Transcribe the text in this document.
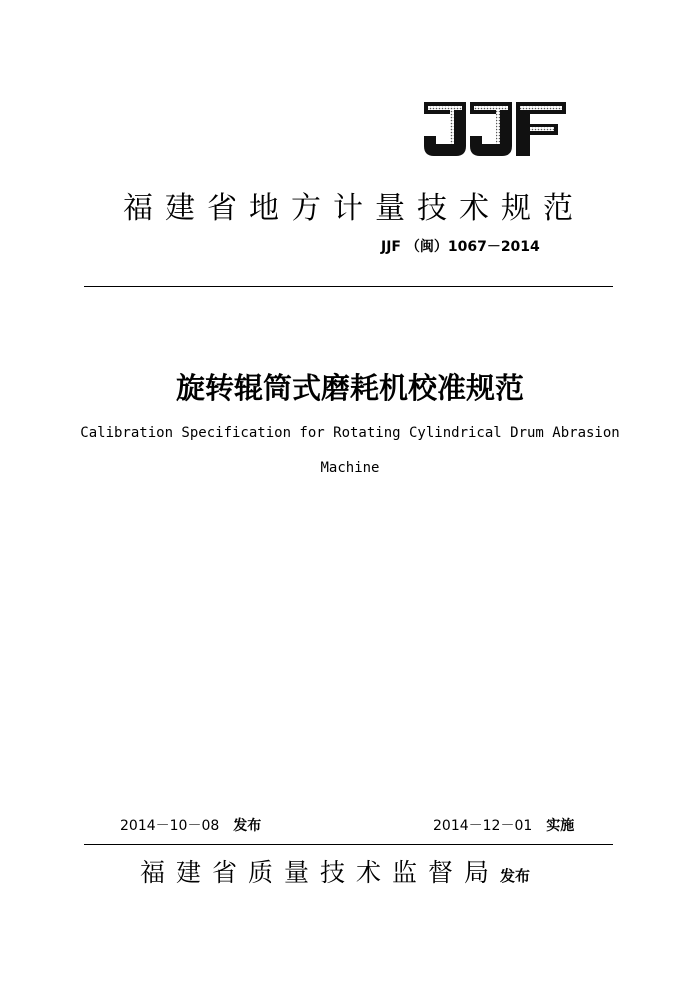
福建省地方计量技术规范
JJF （闽）1067－2014
旋转辊筒式磨耗机校准规范
Calibration Specification for Rotating Cylindrical Drum Abrasion
Machine
2014－10－08 发布	2014－12－01 实施
福建省质量技术监督局发布
